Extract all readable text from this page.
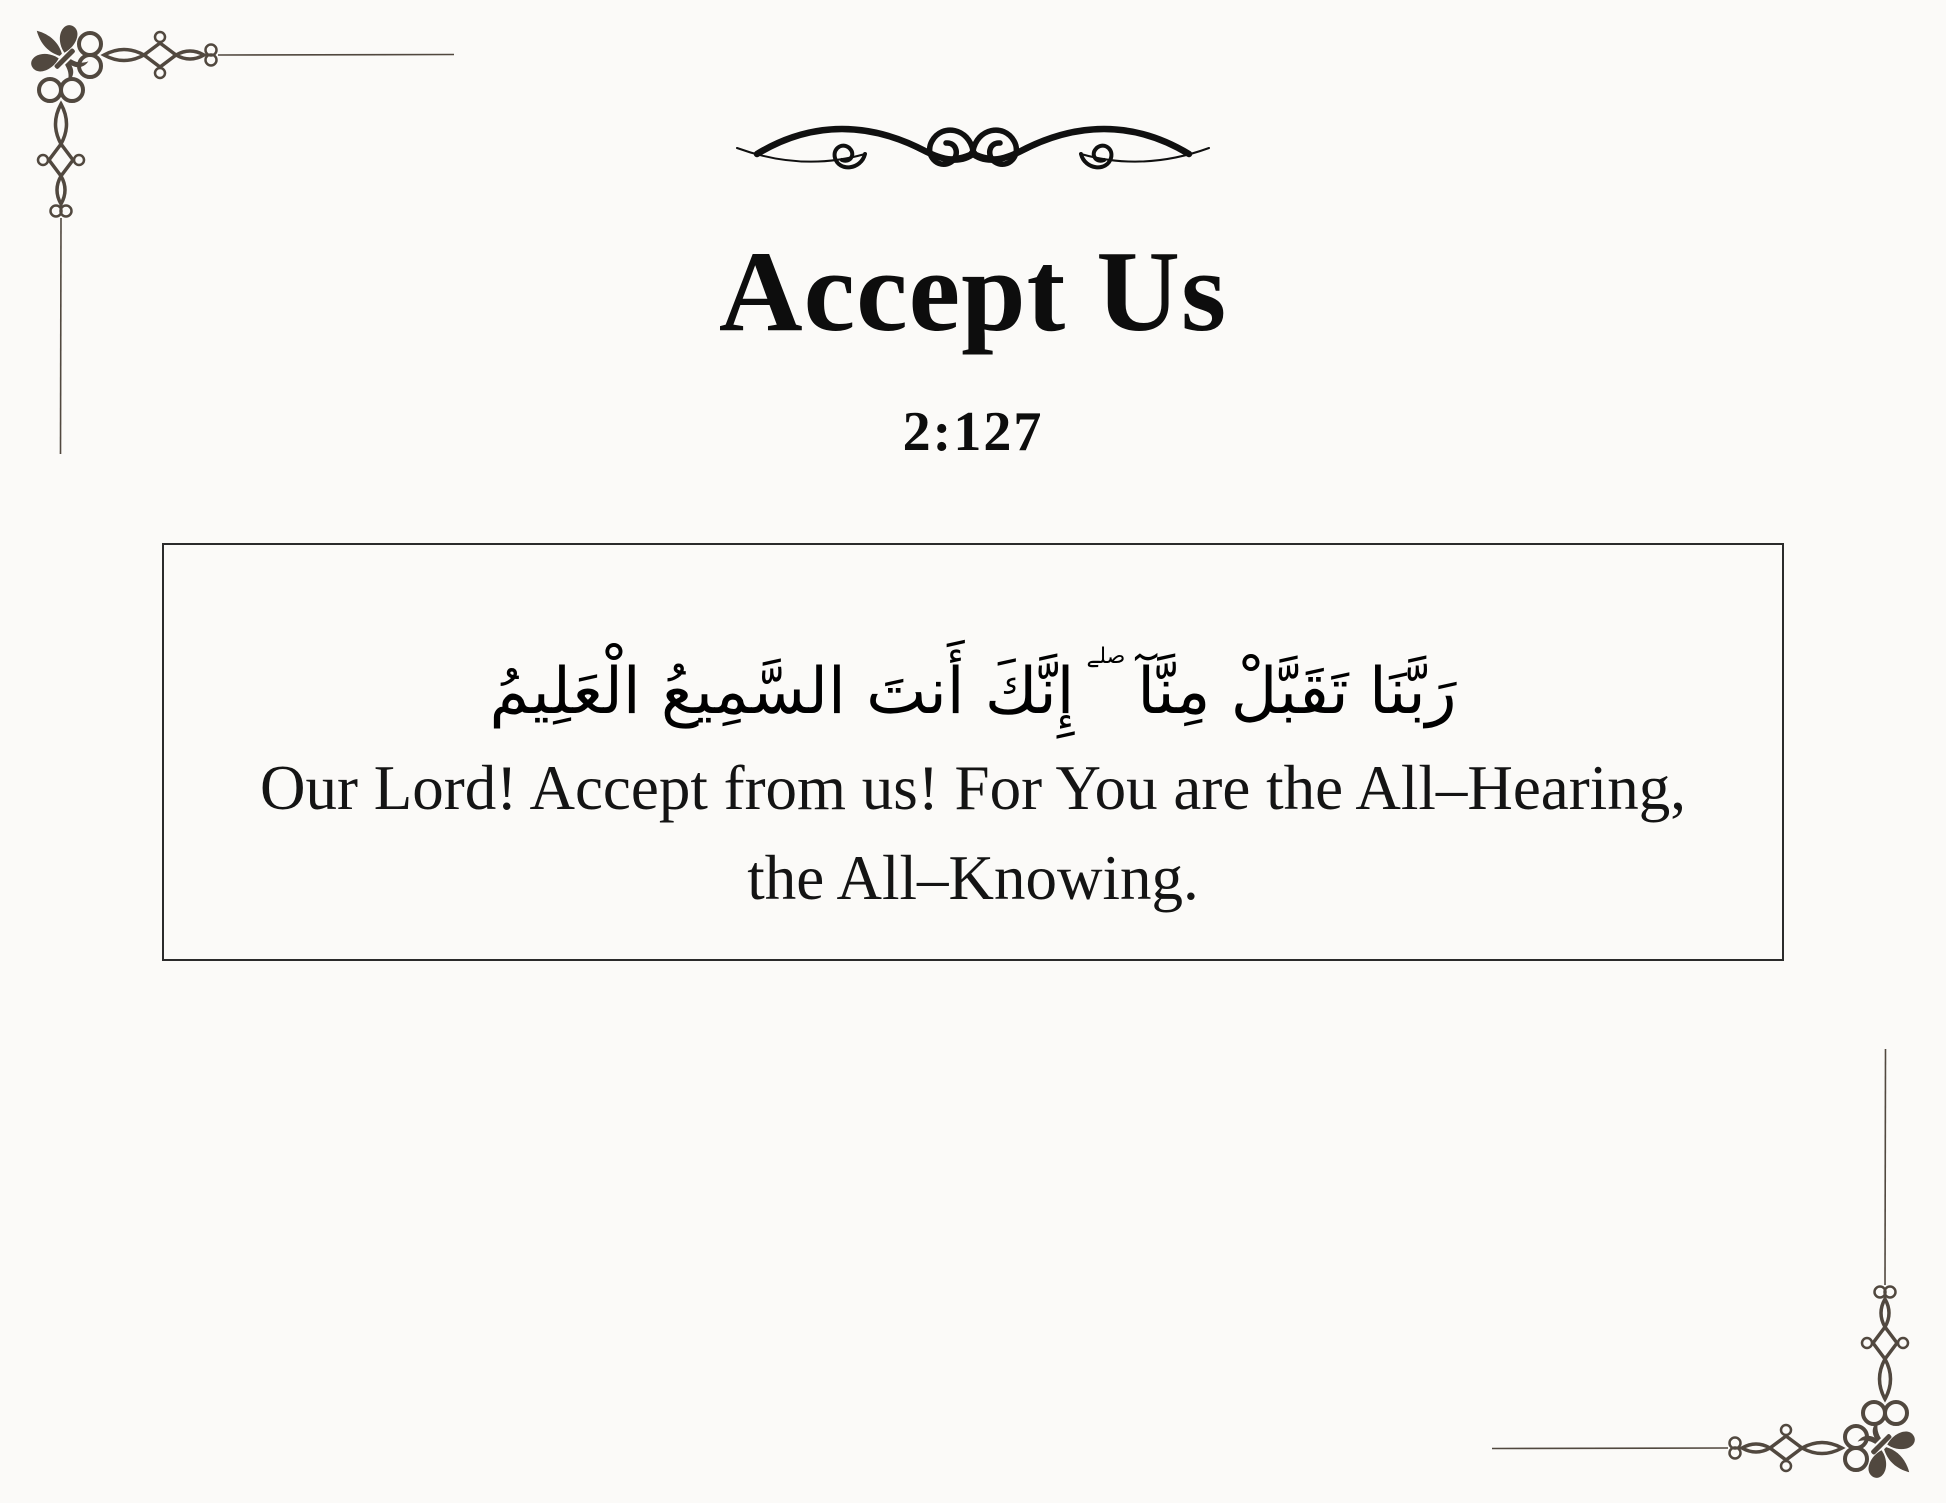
Accept Us
2:127
رَبَّنَا تَقَبَّلْ مِنَّآ
صلے
إِنَّكَ أَنتَ السَّمِيعُ الْعَلِيمُ
Our Lord! Accept from us! For You are the All–Hearing,
the All–Knowing.
